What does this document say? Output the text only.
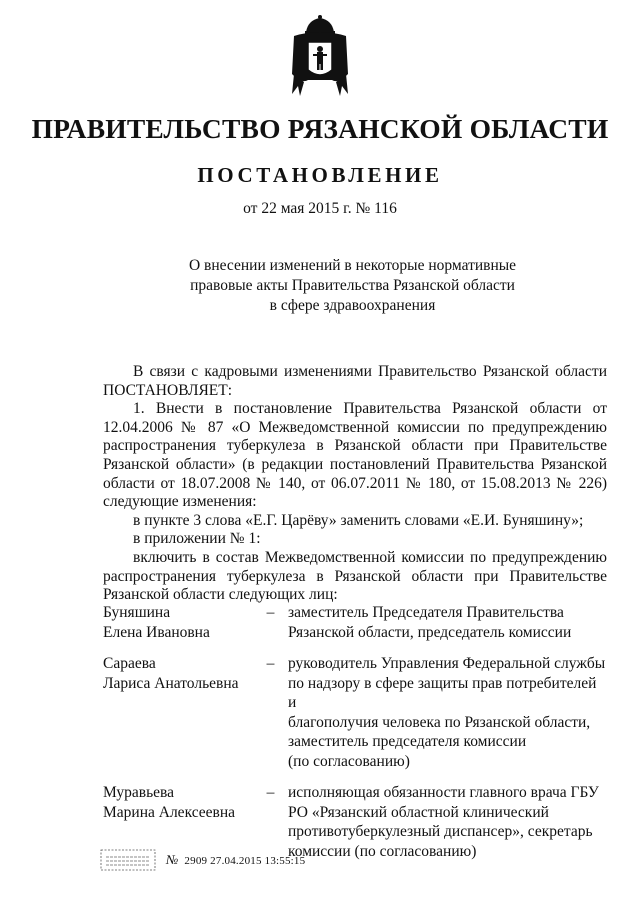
ПРАВИТЕЛЬСТВО РЯЗАНСКОЙ ОБЛАСТИ
ПОСТАНОВЛЕНИЕ
от 22 мая 2015 г. № 116
О внесении изменений в некоторые нормативные
правовые акты Правительства Рязанской области
в сфере здравоохранения

В связи с кадровыми изменениями Правительство Рязанской области

ПОСТАНОВЛЯЕТ:

1. Внести в постановление Правительства Рязанской области от

12.04.2006 № 87 «О Межведомственной комиссии по предупреждению

распространения туберкулеза в Рязанской области при Правительстве

Рязанской области» (в редакции постановлений Правительства Рязанской

области от 18.07.2008 № 140, от 06.07.2011 № 180, от 15.08.2013 № 226)

следующие изменения:

в пункте 3 слова «Е.Г. Царёву» заменить словами «Е.И. Буняшину»;

в приложении № 1:

включить в состав Межведомственной комиссии по предупреждению

распространения туберкулеза в Рязанской области при Правительстве

Рязанской области следующих лиц:

Буняшина
Елена Ивановна
– заместитель Председателя Правительства
Рязанской области, председатель комиссии
Сараева
Лариса Анатольевна
– руководитель Управления Федеральной службы
по надзору в сфере защиты прав потребителей и
благополучия человека по Рязанской области,
заместитель председателя комиссии
(по согласованию)
Муравьева
Марина Алексеевна
– исполняющая обязанности главного врача ГБУ
РО «Рязанский областной клинический
противотуберкулезный диспансер», секретарь
комиссии (по согласованию)
№ 2909 27.04.2015 13:55:15
